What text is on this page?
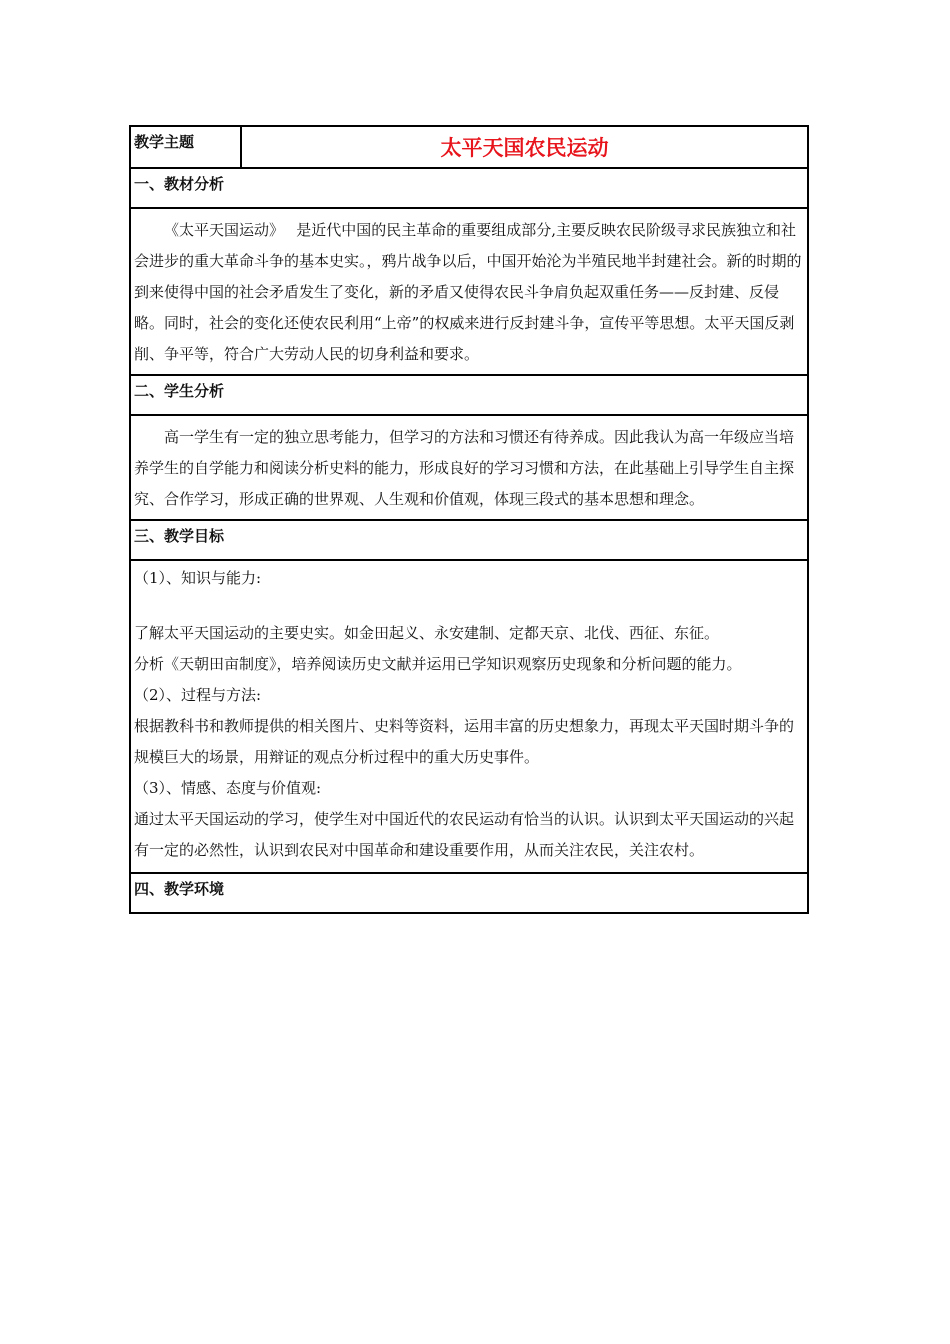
教学主题	太平天国农民运动
一、教材分析

《太平天国运动》　 是近代中国的民主革命的重要组成部分,主要反映农民阶级寻求民族独立和社会进步的重大革命斗争的基本史实。，鸦片战争以后，中国开始沦为半殖民地半封建社会。新的时期的到来使得中国的社会矛盾发生了变化，新的矛盾又使得农民斗争肩负起双重任务——反封建、反侵 略。同时，社会的变化还使农民利用“上帝”的权威来进行反封建斗争，宣传平等思想。太平天国反剥削、争平等，符合广大劳动人民的切身利益和要求。

二、学生分析

高一学生有一定的独立思考能力，但学习的方法和习惯还有待养成。因此我认为高一年级应当培养学生的自学能力和阅读分析史料的能力，形成良好的学习习惯和方法，在此基础上引导学生自主探究、合作学习，形成正确的世界观、人生观和价值观，体现三段式的基本思想和理念。

三、教学目标

（1）、知识与能力:

了解太平天国运动的主要史实。如金田起义、永安建制、定都天京、北伐、西征、东征。

分析《天朝田亩制度》，培养阅读历史文献并运用已学知识观察历史现象和分析问题的能力。

（2）、过程与方法:

根据教科书和教师提供的相关图片、史料等资料，运用丰富的历史想象力，再现太平天国时期斗争的规模巨大的场景，用辩证的观点分析过程中的重大历史事件。

（3）、情感、态度与价值观:

通过太平天国运动的学习，使学生对中国近代的农民运动有恰当的认识。认识到太平天国运动的兴起有一定的必然性，认识到农民对中国革命和建设重要作用，从而关注农民，关注农村。

四、教学环境
